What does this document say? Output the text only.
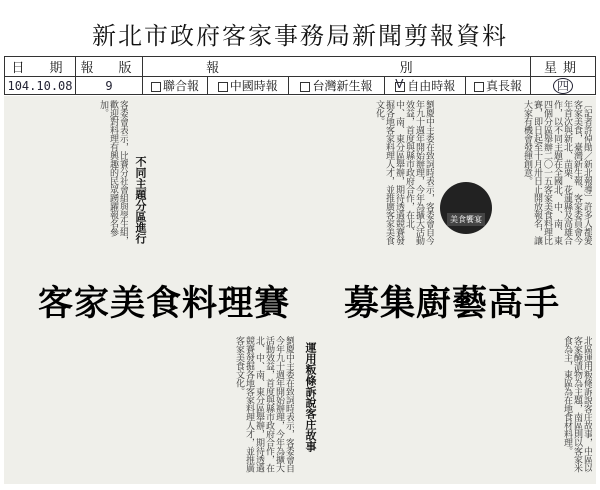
新北市政府客家事務局新聞剪報資料
日　期	報　版	報		別			星期
104.10.08	9	聯合報	中國時報	台灣新生報	V 自由時報	真長報	四
〔記者許倬勛／新北報導〕許多人都愛客家美食，臺灣新生報、客家委員會今年首次與新北、苗栗、花蓮縣及高雄合作，以不同主題在全國北、中、南、東四個分區舉辦二〇一五客家美食料理比賽，即日起至十月卅日止開放報名，讓大家有機會發揮創意。
美食饗宴
劉慶中主委在致詞時表示，客委會自今年九十週年開始辦理，今年為擴大活動效益，首度與縣市政府合作，在北、中、南、東分區舉辦，期待透過競賽發掘各地客家料理人才，並推廣客家美食文化。
不同主題分區進行
客委會表示，比賽分社會組與學生組，歡迎對料理有興趣的民眾踴躍報名參加。
客家美食料理賽 募集廚藝高手
北區運用粄條訴說客庄故事，中區以客家醃漬物為主題，南區則以客家米食為主，東區為在地食材料理。
運用粄條訴說客庄故事
劉慶中主委在致詞時表示，客委會自今年九十週年開始辦理，今年為擴大活動效益，首度與縣市政府合作，在北、中、南、東分區舉辦，期待透過競賽發掘各地客家料理人才，並推廣客家美食文化。
